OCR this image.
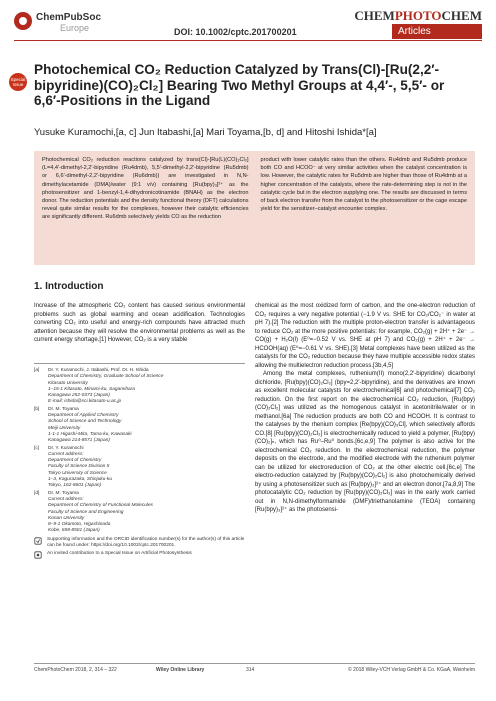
ChemPubSoc
Europe	DOI: 10.1002/cptc.201700201
CHEMPHOTOCHEM
Articles
Special Issue
Photochemical CO₂ Reduction Catalyzed by Trans(Cl)-[Ru(2,2′-bipyridine)(CO)₂Cl₂] Bearing Two Methyl Groups at 4,4′-, 5,5′- or 6,6′-Positions in the Ligand
Yusuke Kuramochi,[a, c] Jun Itabashi,[a] Mari Toyama,[b, d] and Hitoshi Ishida*[a]
Photochemical CO₂ reduction reactions catalyzed by trans(Cl)-[Ru(L)(CO)₂Cl₂] (L=4,4′-dimethyl-2,2′-bipyridine (Ru4dmb), 5,5′-dimethyl-2,2′-bipyridine (Ru5dmb) or 6,6′-dimethyl-2,2′-bipyridine (Ru6dmb)) are investigated in N,N-dimethylacetamide (DMA)/water (9:1 v/v) containing [Ru(bpy)₃]²⁺ as the photosensitizer and 1-benzyl-1,4-dihydronicotinamide (BNAH) as the electron donor. The reduction potentials and the density functional theory (DFT) calculations reveal quite similar results for the complexes, however their catalytic efficiencies are significantly different. Ru6dmb selectively yields CO as the reduction
product with lower catalytic rates than the others. Ru4dmb and Ru5dmb produce both CO and HCOO⁻ at very similar activities when the catalyst concentration is low. However, the catalytic rates for Ru5dmb are higher than those of Ru4dmb at a higher concentration of the catalysts, where the rate-determining step is not in the catalytic cycle but in the electron supplying one. The results are discussed in terms of back electron transfer from the catalyst to the photosensitizer or the cage escape yield for the sensitizer–catalyst encounter complex.
1. Introduction
Increase of the atmospheric CO₂ content has caused serious environmental problems such as global warming and ocean acidification. Technologies converting CO₂ into useful and energy-rich compounds have attracted much attention because they will resolve the environmental problems as well as the current energy shortage.[1] However, CO₂ is a very stable
[a]	Dr. Y. Kuramochi, J. Itabashi, Prof. Dr. H. Ishida
Department of Chemistry, Graduate School of Science
Kitasato University
1–15-1 Kitasato, Minami-ku, Sagamihara
Kanagawa 252-0373 (Japan)
E-mail: ishida@sci.kitasato-u.ac.jp
[b]	Dr. M. Toyama
Department of Applied Chemistry
School of Science and Technology
Meiji University
1-1-1 Higashi-Mita, Tama-ku, Kawasaki
Kanagawa 214-8571 (Japan)
[c]	Dr. Y. Kuramochi
Current address:
Department of Chemistry
Faculty of Science Division II
Tokyo University of Science
1–3, Kagurazaka, Shinjuku-ku
Tokyo, 162-8601 (Japan)
[d]	Dr. M. Toyama
Current address:
Department of Chemistry of Functional Molecules
Faculty of Science and Engineering
Konan University
8–9-1 Okamoto, Higashinada
Kobe, 658-8501 (Japan)
Supporting information and the ORCID identification number(s) for the author(s) of this article can be found under: https://doi.org/10.1002/cptc.201700201.
An invited contribution to a Special Issue on Artificial Photosynthesis

chemical as the most oxidized form of carbon, and the one-electron reduction of CO₂ requires a very negative potential (−1.9 V vs. SHE for CO₂/CO₂⁻ in water at pH 7).[2] The reduction with the multiple proton-electron transfer is advantageous to reduce CO₂ at the more positive potentials: for example, CO₂(g) + 2H⁺ + 2e⁻ → CO(g) + H₂O(l) (E⁰=−0.52 V vs. SHE at pH 7) and CO₂(g) + 2H⁺ + 2e⁻ → HCOOH(aq) (E⁰=−0.61 V vs. SHE).[3] Metal complexes have been utilized as the catalysts for the CO₂ reduction because they have multiple accessible redox states allowing the multielectron reduction process.[3b,4,5]

Among the metal complexes, ruthenium(II) mono(2,2′-bipyridine) dicarbonyl dichloride, [Ru(bpy)(CO)₂Cl₂] (bpy=2,2′-bipyridine), and the derivatives are known as excellent molecular catalysts for electrochemical[6] and photochemical[7] CO₂ reduction. On the first report on the electrochemical CO₂ reduction, [Ru(bpy)(CO)₂Cl₂] was utilized as the homogenous catalyst in acetonitrile/water or in methanol.[6a] The reduction products are both CO and HCOOH. It is contrast to the catalyses by the rhenium complex [Re(bpy)(CO)₃Cl], which selectively affords CO.[8] [Ru(bpy)(CO)₂Cl₂] is electrochemically reduced to yield a polymer, [Ru(bpy)(CO)₂]ₙ, which has Ru⁰–Ru⁰ bonds.[6c,e,9] The polymer is also active for the electrochemical CO₂ reduction. In the electrochemical reduction, the polymer deposits on the electrode, and the modified electrode with the ruthenium polymer can be utilized for electroreduction of CO₂ at the other electric cell.[6c,e] The electro-reduction catalyzed by [Ru(bpy)(CO)₂Cl₂] is also photochemically derived by using a photosensitizer such as [Ru(bpy)₃]²⁺ and an electron donor.[7a,8,9] The photocatalytic CO₂ reduction by [Ru(bpy)(CO)₂Cl₂] was in the early work carried out in N,N-dimethylformamide (DMF)/triethanolamine (TEOA) containing [Ru(bpy)₃]²⁺ as the photosensi-

ChemPhotoChem 2018, 2, 314 – 322	Wiley Online Library	314	© 2018 Wiley-VCH Verlag GmbH & Co. KGaA, Weinheim
